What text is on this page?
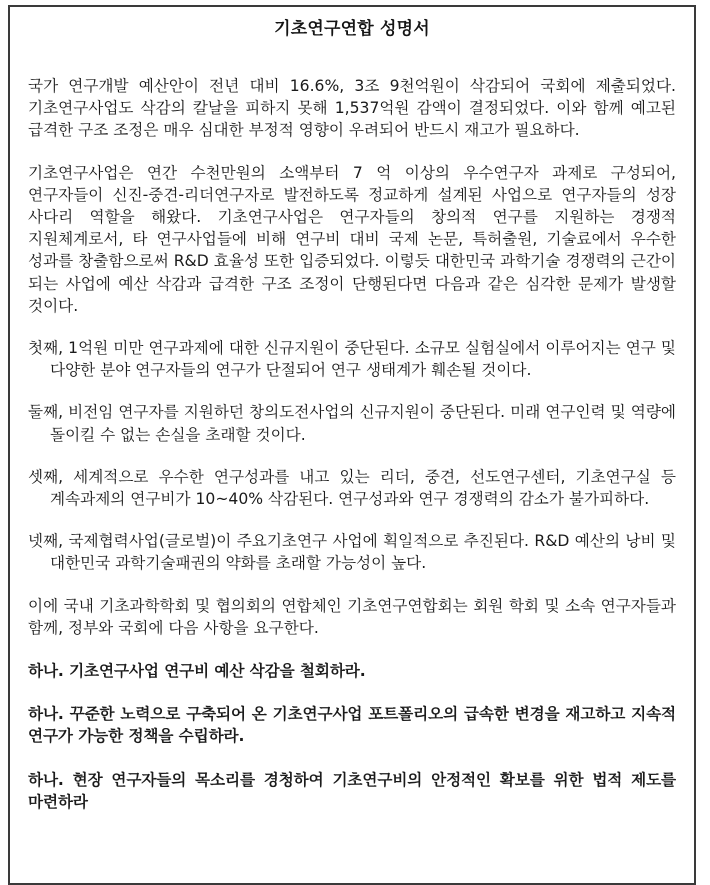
기초연구연합 성명서

국가 연구개발 예산안이 전년 대비 16.6%, 3조 9천억원이 삭감되어 국회에 제출되었다. 기초연구사업도 삭감의 칼날을 피하지 못해 1,537억원 감액이 결정되었다. 이와 함께 예고된 급격한 구조 조정은 매우 심대한 부정적 영향이 우려되어 반드시 재고가 필요하다.

기초연구사업은 연간 수천만원의 소액부터 7 억 이상의 우수연구자 과제로 구성되어, 연구자들이 신진-중견-리더연구자로 발전하도록 정교하게 설계된 사업으로 연구자들의 성장 사다리 역할을 해왔다. 기초연구사업은 연구자들의 창의적 연구를 지원하는 경쟁적 지원체계로서, 타 연구사업들에 비해 연구비 대비 국제 논문, 특허출원, 기술료에서 우수한 성과를 창출함으로써 R&D 효율성 또한 입증되었다. 이렇듯 대한민국 과학기술 경쟁력의 근간이 되는 사업에 예산 삭감과 급격한 구조 조정이 단행된다면 다음과 같은 심각한 문제가 발생할 것이다.

첫째, 1억원 미만 연구과제에 대한 신규지원이 중단된다. 소규모 실험실에서 이루어지는 연구 및 다양한 분야 연구자들의 연구가 단절되어 연구 생태계가 훼손될 것이다.

둘째, 비전임 연구자를 지원하던 창의도전사업의 신규지원이 중단된다. 미래 연구인력 및 역량에 돌이킬 수 없는 손실을 초래할 것이다.

셋째, 세계적으로 우수한 연구성과를 내고 있는 리더, 중견, 선도연구센터, 기초연구실 등 계속과제의 연구비가 10~40% 삭감된다. 연구성과와 연구 경쟁력의 감소가 불가피하다.

넷째, 국제협력사업(글로벌)이 주요기초연구 사업에 획일적으로 추진된다. R&D 예산의 낭비 및 대한민국 과학기술패권의 약화를 초래할 가능성이 높다.

이에 국내 기초과학학회 및 협의회의 연합체인 기초연구연합회는 회원 학회 및 소속 연구자들과 함께, 정부와 국회에 다음 사항을 요구한다.

하나. 기초연구사업 연구비 예산 삭감을 철회하라.

하나. 꾸준한 노력으로 구축되어 온 기초연구사업 포트폴리오의 급속한 변경을 재고하고 지속적 연구가 가능한 정책을 수립하라.

하나. 현장 연구자들의 목소리를 경청하여 기초연구비의 안정적인 확보를 위한 법적 제도를 마련하라
